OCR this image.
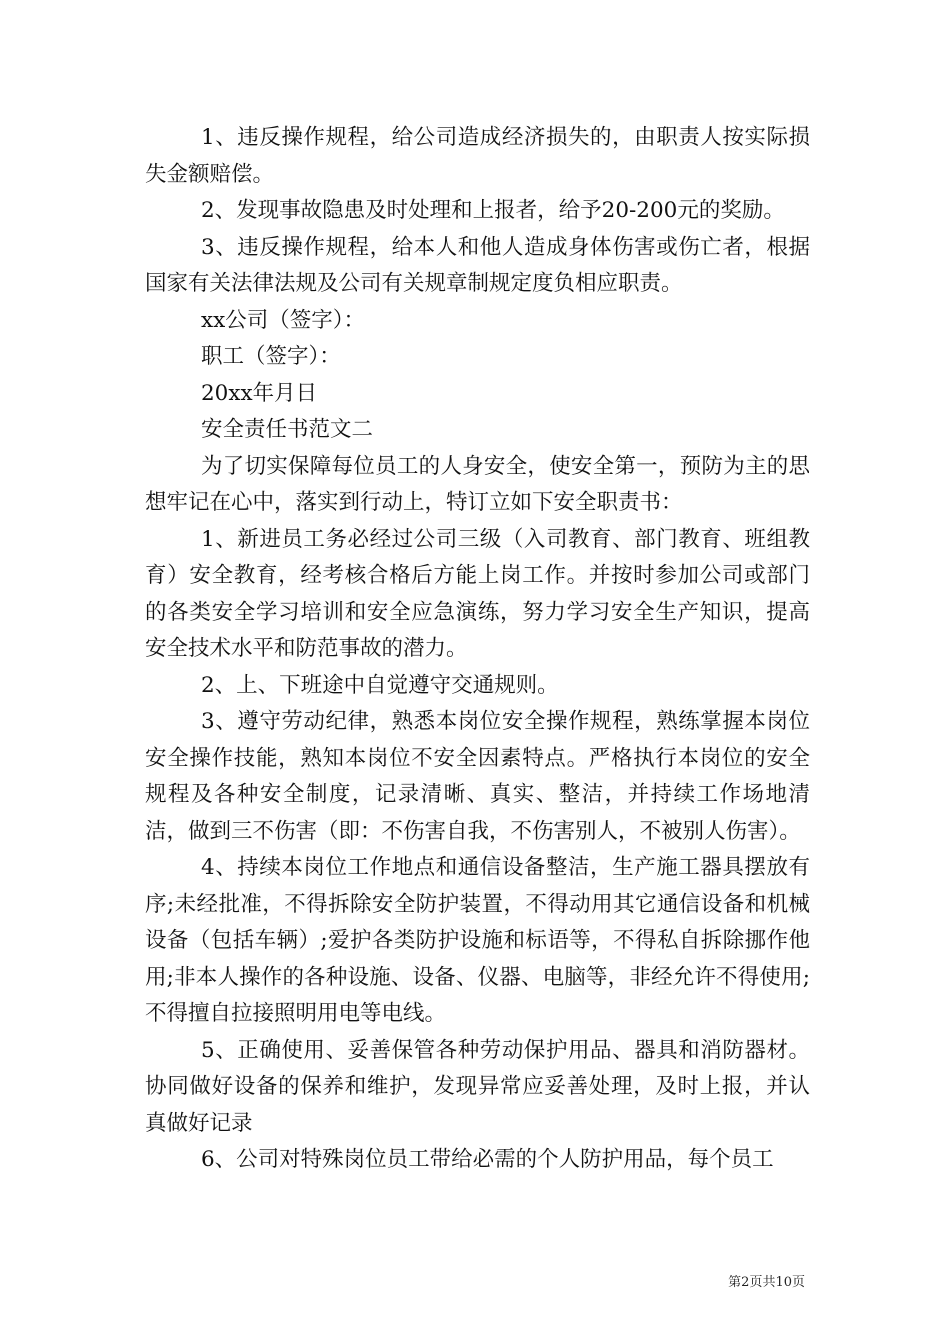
1、违反操作规程，给公司造成经济损失的，由职责人按实际损失金额赔偿。

2、发现事故隐患及时处理和上报者，给予20-200元的奖励。

3、违反操作规程，给本人和他人造成身体伤害或伤亡者，根据国家有关法律法规及公司有关规章制规定度负相应职责。

xx公司（签字）：

职工（签字）：

20xx年月日

安全责任书范文二

为了切实保障每位员工的人身安全，使安全第一，预防为主的思想牢记在心中，落实到行动上，特订立如下安全职责书：

1、新进员工务必经过公司三级（入司教育、部门教育、班组教育）安全教育，经考核合格后方能上岗工作。并按时参加公司或部门的各类安全学习培训和安全应急演练，努力学习安全生产知识，提高安全技术水平和防范事故的潜力。

2、上、下班途中自觉遵守交通规则。

3、遵守劳动纪律，熟悉本岗位安全操作规程，熟练掌握本岗位安全操作技能，熟知本岗位不安全因素特点。严格执行本岗位的安全规程及各种安全制度，记录清晰、真实、整洁，并持续工作场地清洁，做到三不伤害（即：不伤害自我，不伤害别人，不被别人伤害）。

4、持续本岗位工作地点和通信设备整洁，生产施工器具摆放有序;未经批准，不得拆除安全防护装置，不得动用其它通信设备和机械设备（包括车辆）;爱护各类防护设施和标语等，不得私自拆除挪作他用;非本人操作的各种设施、设备、仪器、电脑等，非经允许不得使用;不得擅自拉接照明用电等电线。

5、正确使用、妥善保管各种劳动保护用品、器具和消防器材。协同做好设备的保养和维护，发现异常应妥善处理，及时上报，并认真做好记录

6、公司对特殊岗位员工带给必需的个人防护用品，每个员工

第2页共10页
